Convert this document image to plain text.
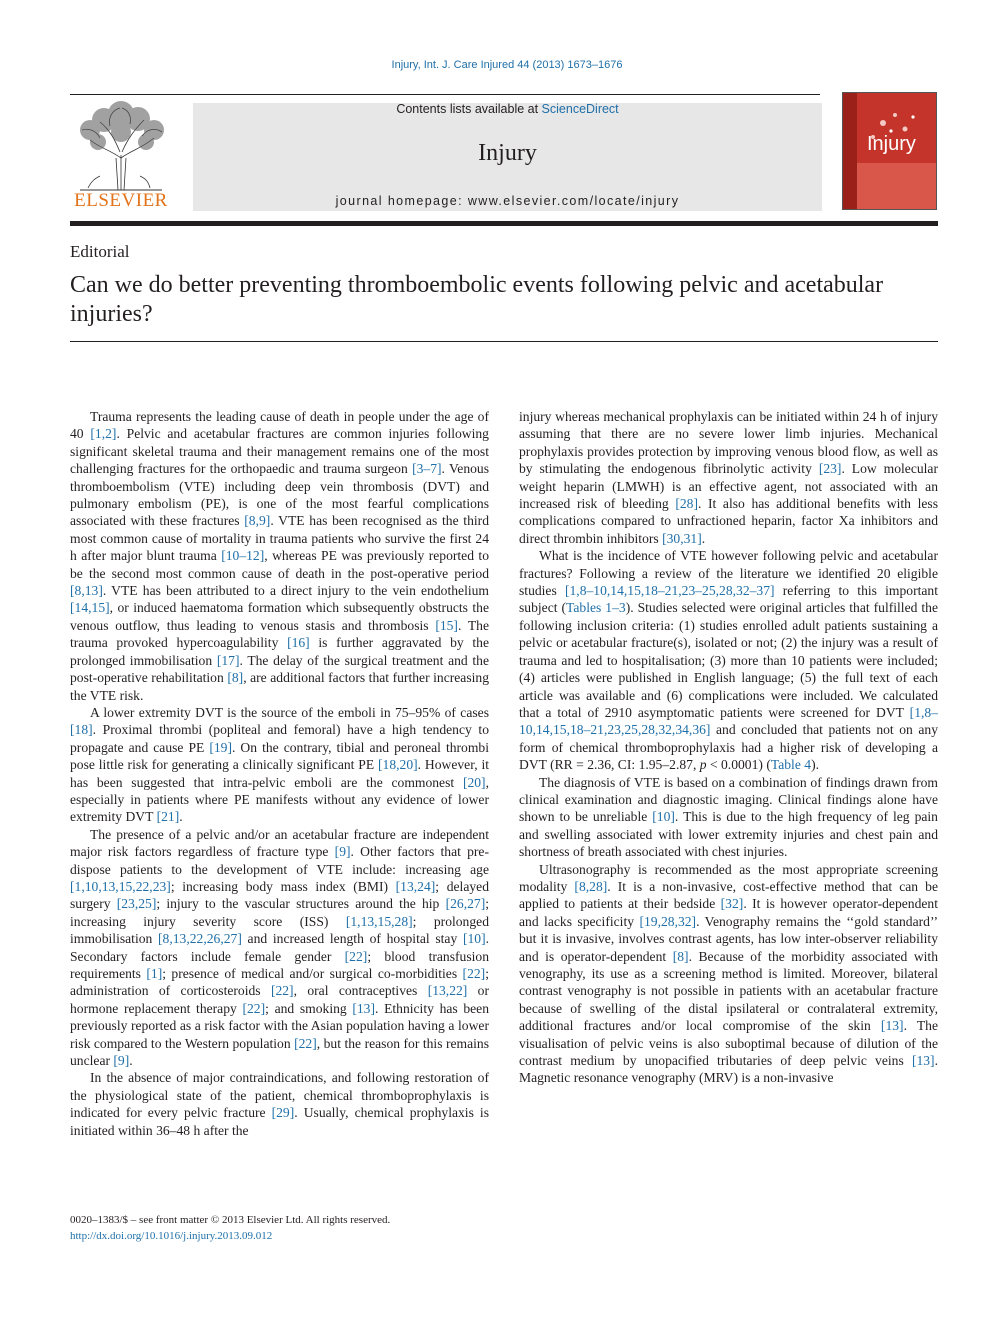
Injury, Int. J. Care Injured 44 (2013) 1673–1676
ELSEVIER
Contents lists available at ScienceDirect
Injury
journal homepage: www.elsevier.com/locate/injury
Injury
Editorial
Can we do better preventing thromboembolic events following pelvic and acetabular injuries?

Trauma represents the leading cause of death in people under the age of 40 [1,2]. Pelvic and acetabular fractures are common injuries following significant skeletal trauma and their management remains one of the most challenging fractures for the orthopaedic and trauma surgeon [3–7]. Venous thromboembolism (VTE) including deep vein thrombosis (DVT) and pulmonary embolism (PE), is one of the most fearful complications associated with these fractures [8,9]. VTE has been recognised as the third most common cause of mortality in trauma patients who survive the first 24 h after major blunt trauma [10–12], whereas PE was previously reported to be the second most common cause of death in the post-operative period [8,13]. VTE has been attributed to a direct injury to the vein endothelium [14,15], or induced haematoma formation which subsequently obstructs the venous outflow, thus leading to venous stasis and thrombosis [15]. The trauma provoked hypercoagulability [16] is further aggravated by the prolonged immobilisation [17]. The delay of the surgical treatment and the post-operative rehabilitation [8], are additional factors that further increasing the VTE risk.

A lower extremity DVT is the source of the emboli in 75–95% of cases [18]. Proximal thrombi (popliteal and femoral) have a high tendency to propagate and cause PE [19]. On the contrary, tibial and peroneal thrombi pose little risk for generating a clinically significant PE [18,20]. However, it has been suggested that intra-pelvic emboli are the commonest [20], especially in patients where PE manifests without any evidence of lower extremity DVT [21].

The presence of a pelvic and/or an acetabular fracture are independent major risk factors regardless of fracture type [9]. Other factors that pre-dispose patients to the development of VTE include: increasing age [1,10,13,15,22,23]; increasing body mass index (BMI) [13,24]; delayed surgery [23,25]; injury to the vascular structures around the hip [26,27]; increasing injury severity score (ISS) [1,13,15,28]; prolonged immobilisation [8,13,22,26,27] and increased length of hospital stay [10]. Secondary factors include female gender [22]; blood transfusion requirements [1]; presence of medical and/or surgical co-morbidities [22]; administration of corticosteroids [22], oral contraceptives [13,22] or hormone replacement therapy [22]; and smoking [13]. Ethnicity has been previously reported as a risk factor with the Asian population having a lower risk compared to the Western population [22], but the reason for this remains unclear [9].

In the absence of major contraindications, and following restoration of the physiological state of the patient, chemical thromboprophylaxis is indicated for every pelvic fracture [29]. Usually, chemical prophylaxis is initiated within 36–48 h after the

injury whereas mechanical prophylaxis can be initiated within 24 h of injury assuming that there are no severe lower limb injuries. Mechanical prophylaxis provides protection by improving venous blood flow, as well as by stimulating the endogenous fibrinolytic activity [23]. Low molecular weight heparin (LMWH) is an effective agent, not associated with an increased risk of bleeding [28]. It also has additional benefits with less complications compared to unfractioned heparin, factor Xa inhibitors and direct thrombin inhibitors [30,31].

What is the incidence of VTE however following pelvic and acetabular fractures? Following a review of the literature we identified 20 eligible studies [1,8–10,14,15,18–21,23–25,28,32–37] referring to this important subject (Tables 1–3). Studies selected were original articles that fulfilled the following inclusion criteria: (1) studies enrolled adult patients sustaining a pelvic or acetabular fracture(s), isolated or not; (2) the injury was a result of trauma and led to hospitalisation; (3) more than 10 patients were included; (4) articles were published in English language; (5) the full text of each article was available and (6) complications were included. We calculated that a total of 2910 asymptomatic patients were screened for DVT [1,8–10,14,15,18–21,23,25,28,32,34,36] and concluded that patients not on any form of chemical thromboprophylaxis had a higher risk of developing a DVT (RR = 2.36, CI: 1.95–2.87, p < 0.0001) (Table 4).

The diagnosis of VTE is based on a combination of findings drawn from clinical examination and diagnostic imaging. Clinical findings alone have shown to be unreliable [10]. This is due to the high frequency of leg pain and swelling associated with lower extremity injuries and chest pain and shortness of breath associated with chest injuries.

Ultrasonography is recommended as the most appropriate screening modality [8,28]. It is a non-invasive, cost-effective method that can be applied to patients at their bedside [32]. It is however operator-dependent and lacks specificity [19,28,32]. Venography remains the ‘‘gold standard’’ but it is invasive, involves contrast agents, has low inter-observer reliability and is operator-dependent [8]. Because of the morbidity associated with venography, its use as a screening method is limited. Moreover, bilateral contrast venography is not possible in patients with an acetabular fracture because of swelling of the distal ipsilateral or contralateral extremity, additional fractures and/or local compromise of the skin [13]. The visualisation of pelvic veins is also suboptimal because of dilution of the contrast medium by unopacified tributaries of deep pelvic veins [13]. Magnetic resonance venography (MRV) is a non-invasive

0020–1383/$ – see front matter © 2013 Elsevier Ltd. All rights reserved.
http://dx.doi.org/10.1016/j.injury.2013.09.012
